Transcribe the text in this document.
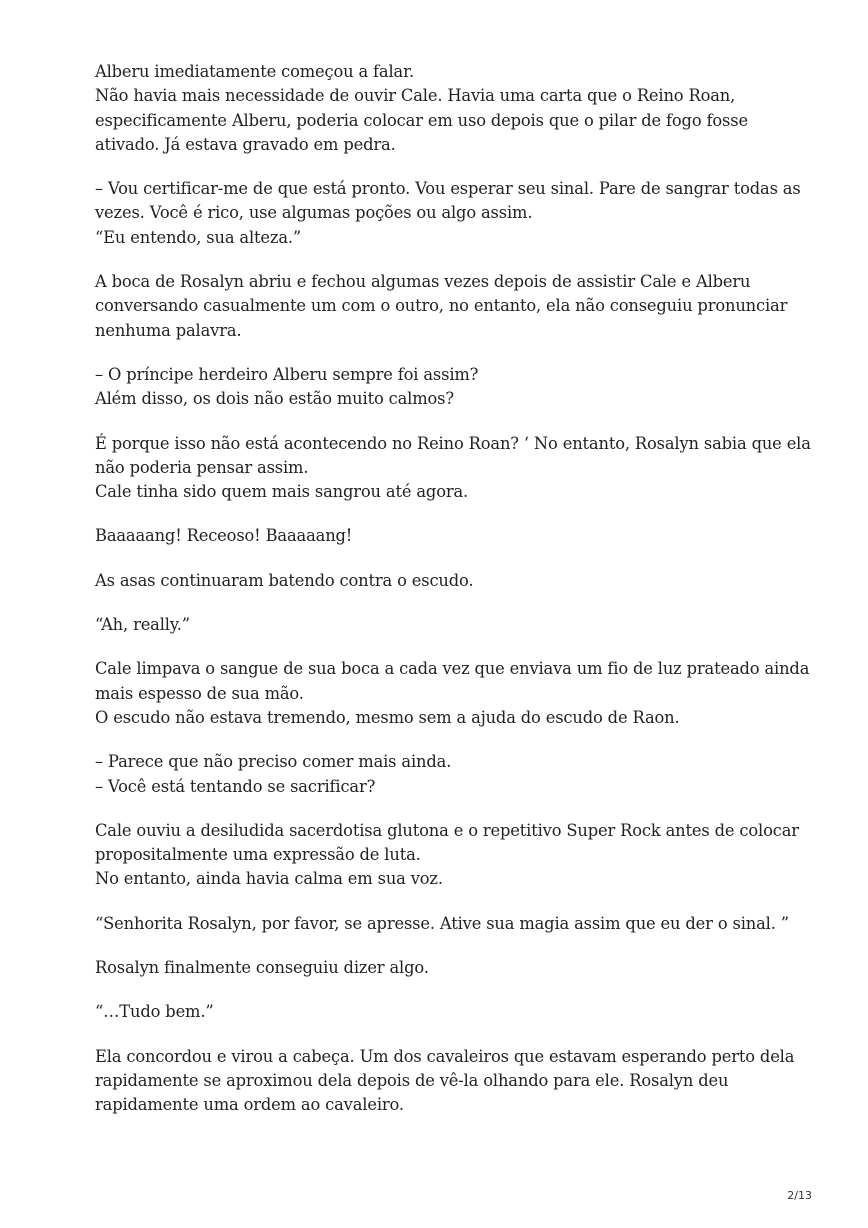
Alberu imediatamente começou a falar.
Não havia mais necessidade de ouvir Cale. Havia uma carta que o Reino Roan,
especificamente Alberu, poderia colocar em uso depois que o pilar de fogo fosse
ativado. Já estava gravado em pedra.
– Vou certificar-me de que está pronto. Vou esperar seu sinal. Pare de sangrar todas as
vezes. Você é rico, use algumas poções ou algo assim.
“Eu entendo, sua alteza.”
A boca de Rosalyn abriu e fechou algumas vezes depois de assistir Cale e Alberu
conversando casualmente um com o outro, no entanto, ela não conseguiu pronunciar
nenhuma palavra.
– O príncipe herdeiro Alberu sempre foi assim?
Além disso, os dois não estão muito calmos?
É porque isso não está acontecendo no Reino Roan? ‘ No entanto, Rosalyn sabia que ela
não poderia pensar assim.
Cale tinha sido quem mais sangrou até agora.
Baaaaang! Receoso! Baaaaang!
As asas continuaram batendo contra o escudo.
“Ah, really.”
Cale limpava o sangue de sua boca a cada vez que enviava um fio de luz prateado ainda
mais espesso de sua mão.
O escudo não estava tremendo, mesmo sem a ajuda do escudo de Raon.
– Parece que não preciso comer mais ainda.
– Você está tentando se sacrificar?
Cale ouviu a desiludida sacerdotisa glutona e o repetitivo Super Rock antes de colocar
propositalmente uma expressão de luta.
No entanto, ainda havia calma em sua voz.
“Senhorita Rosalyn, por favor, se apresse. Ative sua magia assim que eu der o sinal. ”
Rosalyn finalmente conseguiu dizer algo.
“…Tudo bem.”
Ela concordou e virou a cabeça. Um dos cavaleiros que estavam esperando perto dela
rapidamente se aproximou dela depois de vê-la olhando para ele. Rosalyn deu
rapidamente uma ordem ao cavaleiro.
2/13
